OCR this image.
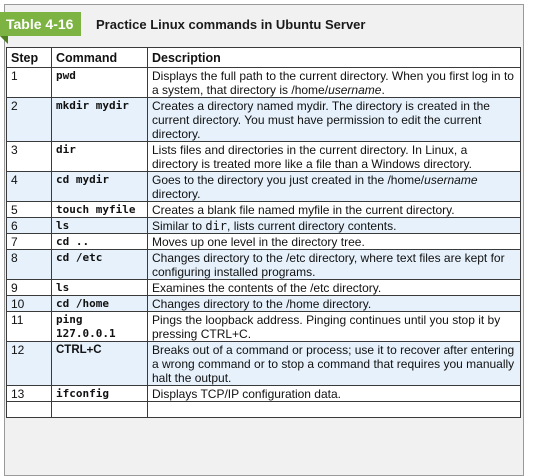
Table 4-16	Practice Linux commands in Ubuntu Server
Step	Command	Description
1	pwd	Displays the full path to the current directory. When you first log in to a system, that directory is /home/username.
2	mkdir mydir	Creates a directory named mydir. The directory is created in the current directory. You must have permission to edit the current directory.
3	dir	Lists files and directories in the current directory. In Linux, a directory is treated more like a file than a Windows directory.
4	cd mydir	Goes to the directory you just created in the /home/username directory.
5	touch myfile	Creates a blank file named myfile in the current directory.
6	ls	Similar to dir, lists current directory contents.
7	cd ..	Moves up one level in the directory tree.
8	cd /etc	Changes directory to the /etc directory, where text files are kept for configuring installed programs.
9	ls	Examines the contents of the /etc directory.
10	cd /home	Changes directory to the /home directory.
11	ping 127.0.0.1	Pings the loopback address. Pinging continues until you stop it by pressing CTRL+C.
12	CTRL+C	Breaks out of a command or process; use it to recover after entering a wrong command or to stop a command that requires you manually halt the output.
13	ifconfig	Displays TCP/IP configuration data.
